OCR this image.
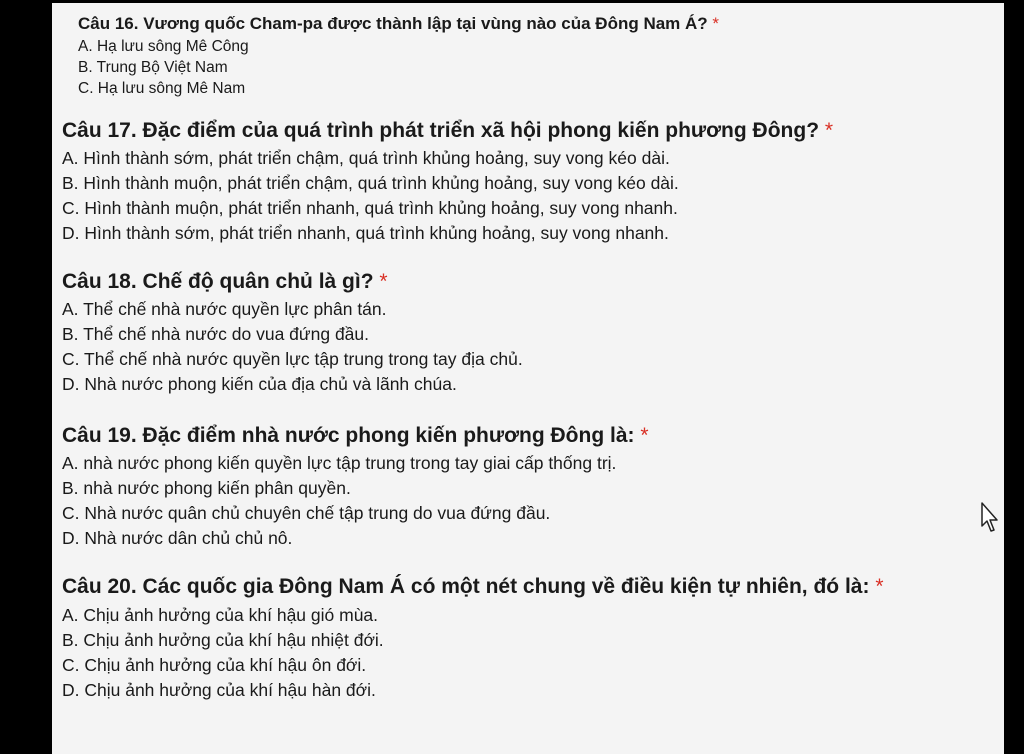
Câu 16. Vương quốc Cham-pa được thành lập tại vùng nào của Đông Nam Á? *

A. Hạ lưu sông Mê Công

B. Trung Bộ Việt Nam

C. Hạ lưu sông Mê Nam

Câu 17. Đặc điểm của quá trình phát triển xã hội phong kiến phương Đông? *

A. Hình thành sớm, phát triển chậm, quá trình khủng hoảng, suy vong kéo dài.

B. Hình thành muộn, phát triển chậm, quá trình khủng hoảng, suy vong kéo dài.

C. Hình thành muộn, phát triển nhanh, quá trình khủng hoảng, suy vong nhanh.

D. Hình thành sớm, phát triển nhanh, quá trình khủng hoảng, suy vong nhanh.

Câu 18. Chế độ quân chủ là gì? *

A. Thể chế nhà nước quyền lực phân tán.

B. Thể chế nhà nước do vua đứng đầu.

C. Thể chế nhà nước quyền lực tập trung trong tay địa chủ.

D. Nhà nước phong kiến của địa chủ và lãnh chúa.

Câu 19. Đặc điểm nhà nước phong kiến phương Đông là: *

A. nhà nước phong kiến quyền lực tập trung trong tay giai cấp thống trị.

B. nhà nước phong kiến phân quyền.

C. Nhà nước quân chủ chuyên chế tập trung do vua đứng đầu.

D. Nhà nước dân chủ chủ nô.

Câu 20. Các quốc gia Đông Nam Á có một nét chung về điều kiện tự nhiên, đó là: *

A. Chịu ảnh hưởng của khí hậu gió mùa.

B. Chịu ảnh hưởng của khí hậu nhiệt đới.

C. Chịu ảnh hưởng của khí hậu ôn đới.

D. Chịu ảnh hưởng của khí hậu hàn đới.
